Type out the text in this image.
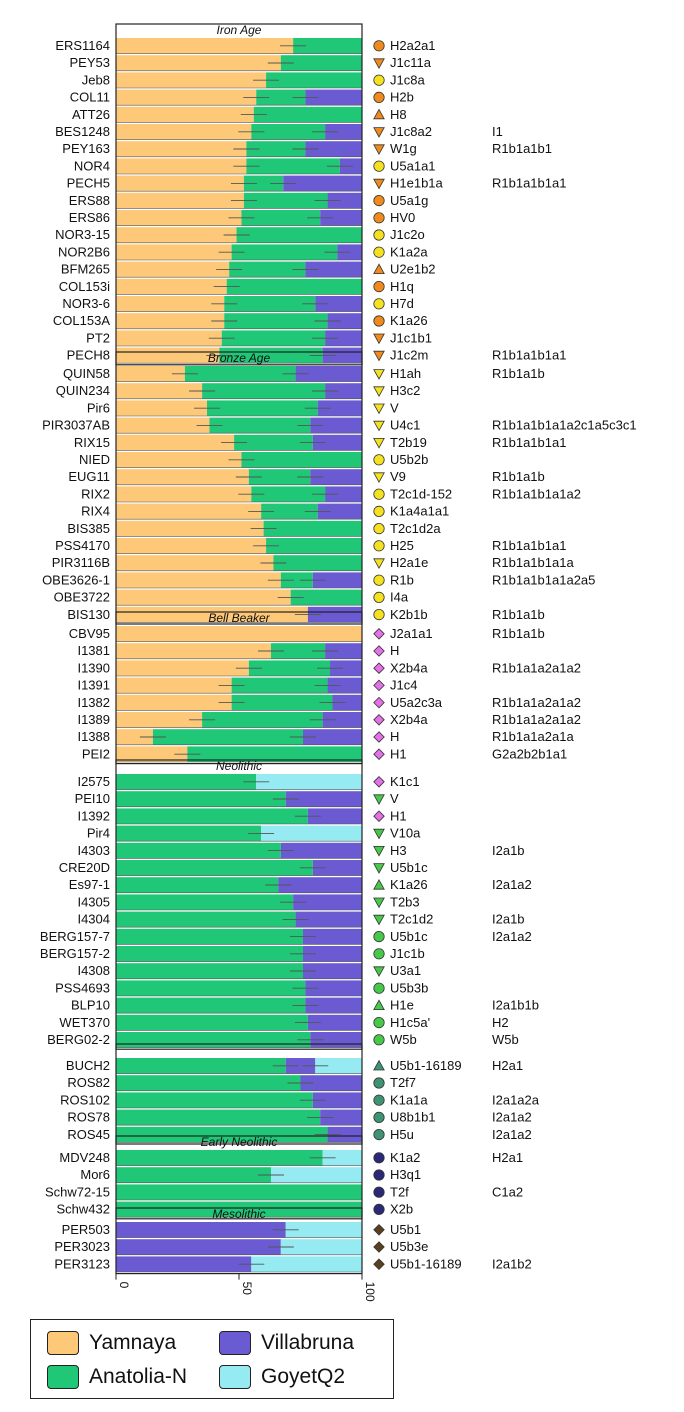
Iron Age
ERS1164	H2a2a1
PEY53	J1c11a
Jeb8	J1c8a
COL11	H2b
ATT26	H8
BES1248	J1c8a2	I1
PEY163	W1g	R1b1a1b1
NOR4	U5a1a1
PECH5	H1e1b1a	R1b1a1b1a1
ERS88	U5a1g
ERS86	HV0
NOR3-15	J1c2o
NOR2B6	K1a2a
BFM265	U2e1b2
COL153i	H1q
NOR3-6	H7d
COL153A	K1a26
PT2	J1c1b1
PECH8	J1c2m	R1b1a1b1a1
Bronze Age
QUIN58	H1ah	R1b1a1b
QUIN234	H3c2
Pir6	V
PIR3037AB	U4c1	R1b1a1b1a1a2c1a5c3c1
RIX15	T2b19	R1b1a1b1a1
NIED	U5b2b
EUG11	V9	R1b1a1b
RIX2	T2c1d-152	R1b1a1b1a1a2
RIX4	K1a4a1a1
BIS385	T2c1d2a
PSS4170	H25	R1b1a1b1a1
PIR3116B	H2a1e	R1b1a1b1a1a
OBE3626-1	R1b	R1b1a1b1a1a2a5
OBE3722	I4a
BIS130	K2b1b	R1b1a1b
Bell Beaker
CBV95	J2a1a1	R1b1a1b
I1381	H
I1390	X2b4a	R1b1a1a2a1a2
I1391	J1c4
I1382	U5a2c3a	R1b1a1a2a1a2
I1389	X2b4a	R1b1a1a2a1a2
I1388	H	R1b1a1a2a1a
PEI2	H1	G2a2b2b1a1
Neolithic
I2575	K1c1
PEI10	V
I1392	H1
Pir4	V10a
I4303	H3	I2a1b
CRE20D	U5b1c
Es97-1	K1a26	I2a1a2
I4305	T2b3
I4304	T2c1d2	I2a1b
BERG157-7	U5b1c	I2a1a2
BERG157-2	J1c1b
I4308	U3a1
PSS4693	U5b3b
BLP10	H1e	I2a1b1b
WET370	H1c5a'	H2
BERG02-2	W5b	W5b
BUCH2	U5b1-16189 H2a1
ROS82	T2f7
ROS102	K1a1a	I2a1a2a
ROS78	U8b1b1	I2a1a2
ROS45	H5u	I2a1a2
Early Neolithic
MDV248	K1a2	H2a1
Mor6	H3q1
Schw72-15	T2f	C1a2
Schw432	X2b
Mesolithic
PER503	U5b1
PER3023	U5b3e
PER3123	U5b1-16189 I2a1b2
0	50	100
Yamnaya	Villabruna
Anatolia-N	GoyetQ2
